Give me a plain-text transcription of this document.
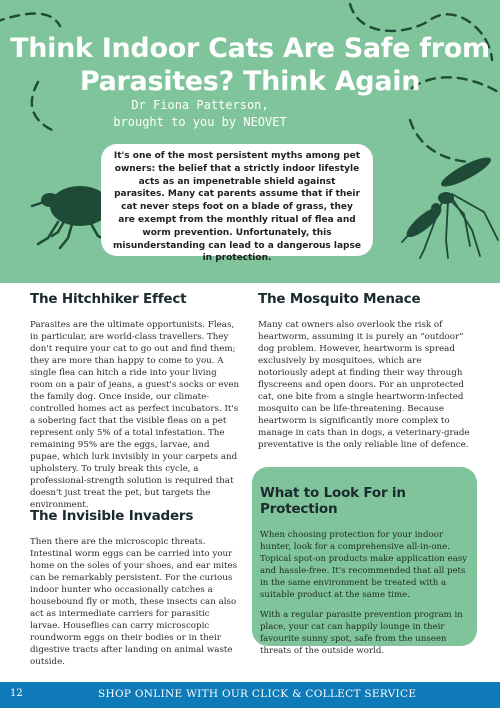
Think Indoor Cats Are Safe from Parasites? Think Again
Dr Fiona Patterson,
brought to you by NEOVET
It's one of the most persistent myths among pet owners: the belief that a strictly indoor lifestyle acts as an impenetrable shield against parasites. Many cat parents assume that if their cat never steps foot on a blade of grass, they are exempt from the monthly ritual of flea and worm prevention. Unfortunately, this misunderstanding can lead to a dangerous lapse in protection.
The Hitchhiker Effect

Parasites are the ultimate opportunists. Fleas, in particular, are world-class travellers. They don't require your cat to go out and find them; they are more than happy to come to you. A single flea can hitch a ride into your living room on a pair of jeans, a guest's socks or even the family dog. Once inside, our climate-controlled homes act as perfect incubators. It's a sobering fact that the visible fleas on a pet represent only 5% of a total infestation. The remaining 95% are the eggs, larvae, and pupae, which lurk invisibly in your carpets and upholstery. To truly break this cycle, a professional-strength solution is required that doesn't just treat the pet, but targets the environment.

The Invisible Invaders

Then there are the microscopic threats. Intestinal worm eggs can be carried into your home on the soles of your shoes, and ear mites can be remarkably persistent. For the curious indoor hunter who occasionally catches a housebound fly or moth, these insects can also act as intermediate carriers for parasitic larvae. Houseflies can carry microscopic roundworm eggs on their bodies or in their digestive tracts after landing on animal waste outside.

The Mosquito Menace

Many cat owners also overlook the risk of heartworm, assuming it is purely an “outdoor” dog problem. However, heartworm is spread exclusively by mosquitoes, which are notoriously adept at finding their way through flyscreens and open doors. For an unprotected cat, one bite from a single heartworm-infected mosquito can be life-threatening. Because heartworm is significantly more complex to manage in cats than in dogs, a veterinary-grade preventative is the only reliable line of defence.

What to Look For in Protection

When choosing protection for your indoor hunter, look for a comprehensive all-in-one. Topical spot-on products make application easy and hassle-free. It's recommended that all pets in the same environment be treated with a suitable product at the same time.

With a regular parasite prevention program in place, your cat can happily lounge in their favourite sunny spot, safe from the unseen threats of the outside world.

12	SHOP ONLINE WITH OUR CLICK & COLLECT SERVICE
